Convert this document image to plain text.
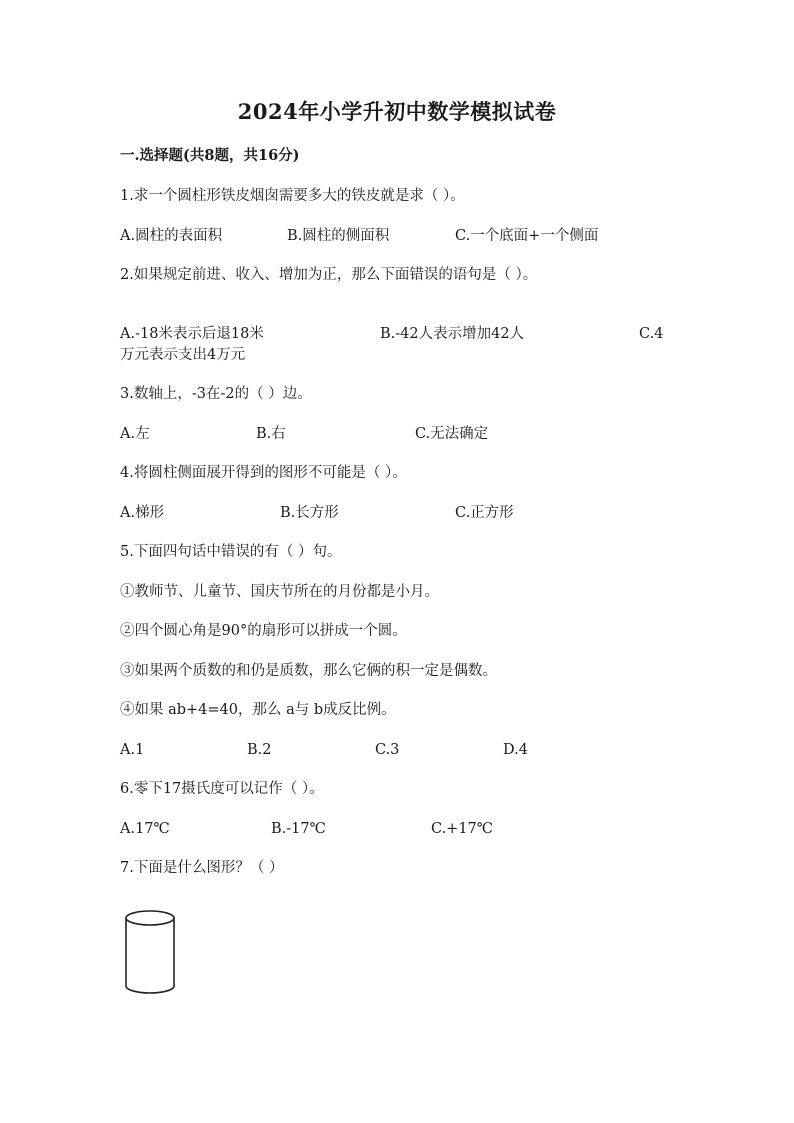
2024年小学升初中数学模拟试卷
一.选择题(共8题，共16分)
1.求一个圆柱形铁皮烟囱需要多大的铁皮就是求（ ）。
A.圆柱的表面积	B.圆柱的侧面积	C.一个底面+一个侧面
2.如果规定前进、收入、增加为正，那么下面错误的语句是（ ）。
A.-18米表示后退18米	B.-42人表示增加42人	C.4
万元表示支出4万元
3.数轴上，-3在-2的（ ）边。
A.左	B.右	C.无法确定
4.将圆柱侧面展开得到的图形不可能是（ ）。
A.梯形	B.长方形	C.正方形
5.下面四句话中错误的有（ ）句。
①教师节、儿童节、国庆节所在的月份都是小月。
②四个圆心角是90°的扇形可以拼成一个圆。
③如果两个质数的和仍是质数，那么它俩的积一定是偶数。
④如果 ab+4=40，那么 a与 b成反比例。
A.1	B.2	C.3	D.4
6.零下17摄氏度可以记作（ ）。
A.17℃	B.-17℃	C.+17℃
7.下面是什么图形？（ ）
